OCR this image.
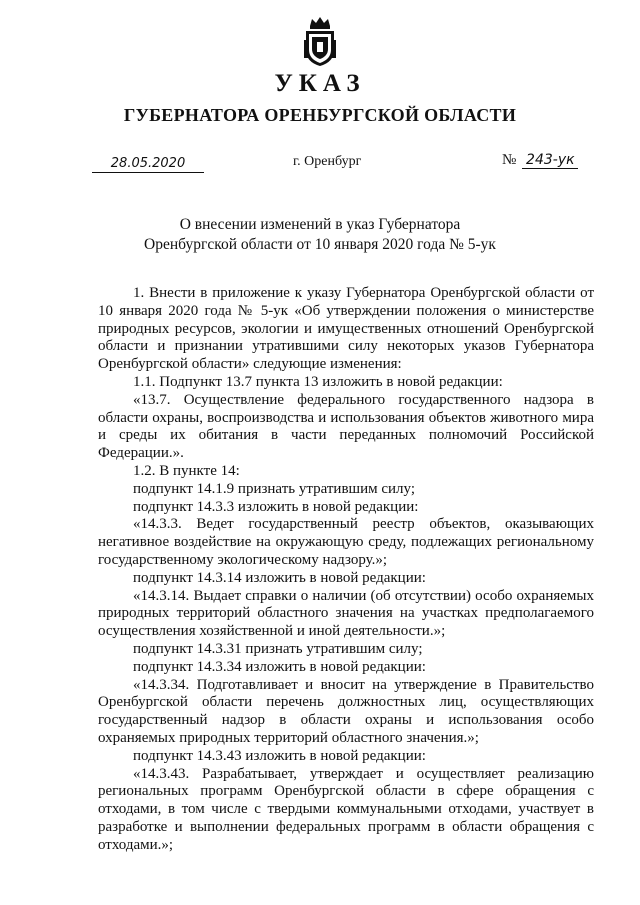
УКАЗ
ГУБЕРНАТОРА ОРЕНБУРГСКОЙ ОБЛАСТИ
28.05.2020	г. Оренбург	№ 243-ук
О внесении изменений в указ Губернатора
Оренбургской области от 10 января 2020 года № 5-ук

1. Внести в приложение к указу Губернатора Оренбургской области от 10 января 2020 года № 5-ук «Об утверждении положения о министерстве природных ресурсов, экологии и имущественных отношений Оренбургской области и признании утратившими силу некоторых указов Губернатора Оренбургской области» следующие изменения:

1.1. Подпункт 13.7 пункта 13 изложить в новой редакции:

«13.7. Осуществление федерального государственного надзора в области охраны, воспроизводства и использования объектов животного мира и среды их обитания в части переданных полномочий Российской Федерации.».

1.2. В пункте 14:

подпункт 14.1.9 признать утратившим силу;

подпункт 14.3.3 изложить в новой редакции:

«14.3.3. Ведет государственный реестр объектов, оказывающих негативное воздействие на окружающую среду, подлежащих региональному государственному экологическому надзору.»;

подпункт 14.3.14 изложить в новой редакции:

«14.3.14. Выдает справки о наличии (об отсутствии) особо охраняемых природных территорий областного значения на участках предполагаемого осуществления хозяйственной и иной деятельности.»;

подпункт 14.3.31 признать утратившим силу;

подпункт 14.3.34 изложить в новой редакции:

«14.3.34. Подготавливает и вносит на утверждение в Правительство Оренбургской области перечень должностных лиц, осуществляющих государственный надзор в области охраны и использования особо охраняемых природных территорий областного значения.»;

подпункт 14.3.43 изложить в новой редакции:

«14.3.43. Разрабатывает, утверждает и осуществляет реализацию региональных программ Оренбургской области в сфере обращения с отходами, в том числе с твердыми коммунальными отходами, участвует в разработке и выполнении федеральных программ в области обращения с отходами.»;
